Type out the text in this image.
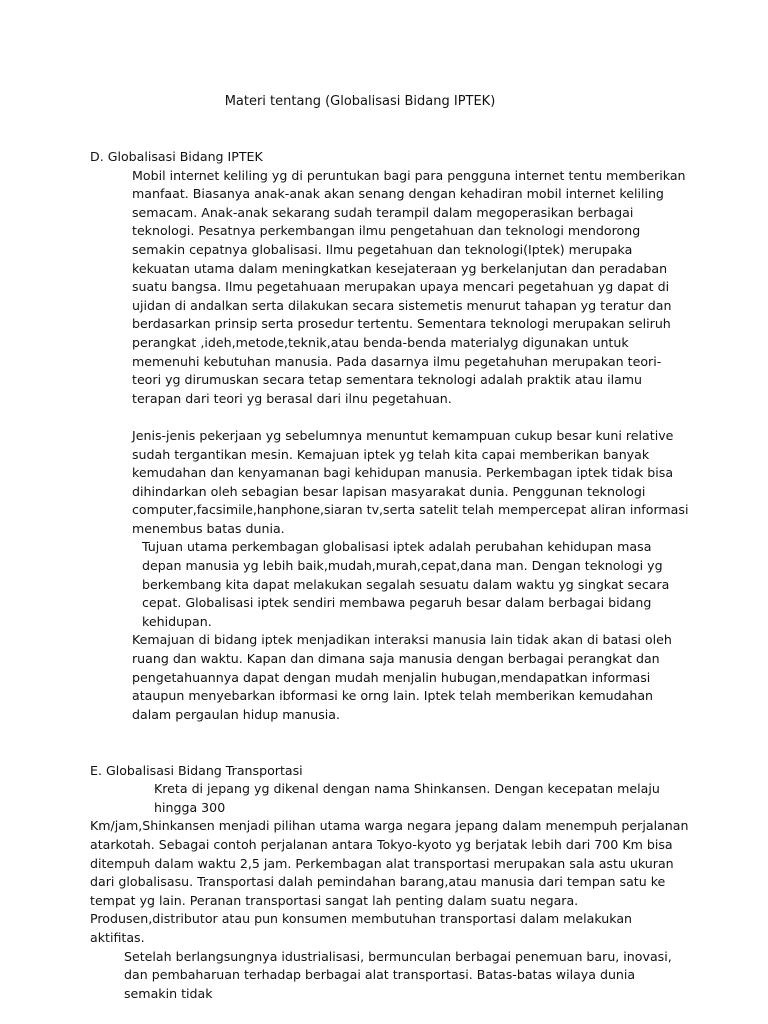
Materi tentang (Globalisasi Bidang IPTEK)
D. Globalisasi Bidang IPTEK
Mobil internet keliling yg di peruntukan bagi para pengguna internet tentu memberikan manfaat. Biasanya anak-anak akan senang dengan kehadiran mobil internet keliling semacam. Anak-anak sekarang sudah terampil dalam megoperasikan berbagai teknologi. Pesatnya perkembangan ilmu pengetahuan dan teknologi mendorong semakin cepatnya globalisasi. Ilmu pegetahuan dan teknologi(Iptek) merupaka kekuatan utama dalam meningkatkan kesejateraan yg berkelanjutan dan peradaban suatu bangsa. Ilmu pegetahuaan merupakan upaya mencari pegetahuan yg dapat di ujidan di andalkan serta dilakukan secara sistemetis menurut tahapan yg teratur dan berdasarkan prinsip serta prosedur tertentu. Sementara teknologi merupakan seliruh perangkat ,ideh,metode,teknik,atau benda-benda materialyg digunakan untuk memenuhi kebutuhan manusia. Pada dasarnya ilmu pegetahuhan merupakan teori-teori yg dirumuskan secara tetap sementara teknologi adalah praktik atau ilamu terapan dari teori yg berasal dari ilnu pegetahuan.
Jenis-jenis pekerjaan yg sebelumnya menuntut kemampuan cukup besar kuni relative sudah tergantikan mesin. Kemajuan iptek yg telah kita capai memberikan banyak kemudahan dan kenyamanan bagi kehidupan manusia. Perkembagan iptek tidak bisa dihindarkan oleh sebagian besar lapisan masyarakat dunia. Penggunan teknologi computer,facsimile,hanphone,siaran tv,serta satelit telah mempercepat aliran informasi menembus batas dunia.
Tujuan utama perkembagan globalisasi iptek adalah perubahan kehidupan masa depan manusia yg lebih baik,mudah,murah,cepat,dana man. Dengan teknologi yg berkembang kita dapat melakukan segalah sesuatu dalam waktu yg singkat secara cepat. Globalisasi iptek sendiri membawa pegaruh besar dalam berbagai bidang kehidupan.
Kemajuan di bidang iptek menjadikan interaksi manusia lain tidak akan di batasi oleh ruang dan waktu. Kapan dan dimana saja manusia dengan berbagai perangkat dan pengetahuannya dapat dengan mudah menjalin hubugan,mendapatkan informasi ataupun menyebarkan ibformasi ke orng lain. Iptek telah memberikan kemudahan dalam pergaulan hidup manusia.
E. Globalisasi Bidang Transportasi
Kreta di jepang yg dikenal dengan nama Shinkansen. Dengan kecepatan melaju hingga 300
Km/jam,Shinkansen menjadi pilihan utama warga negara jepang dalam menempuh perjalanan atarkotah. Sebagai contoh perjalanan antara Tokyo-kyoto yg berjatak lebih dari 700 Km bisa ditempuh dalam waktu 2,5 jam. Perkembagan alat transportasi merupakan sala astu ukuran dari globalisasu. Transportasi dalah pemindahan barang,atau manusia dari tempan satu ke tempat yg lain. Peranan transportasi sangat lah penting dalam suatu negara. Produsen,distributor atau pun konsumen membutuhan transportasi dalam melakukan aktifitas.
Setelah berlangsungnya idustrialisasi, bermunculan berbagai penemuan baru, inovasi, dan pembaharuan terhadap berbagai alat transportasi. Batas-batas wilaya dunia semakin tidak
